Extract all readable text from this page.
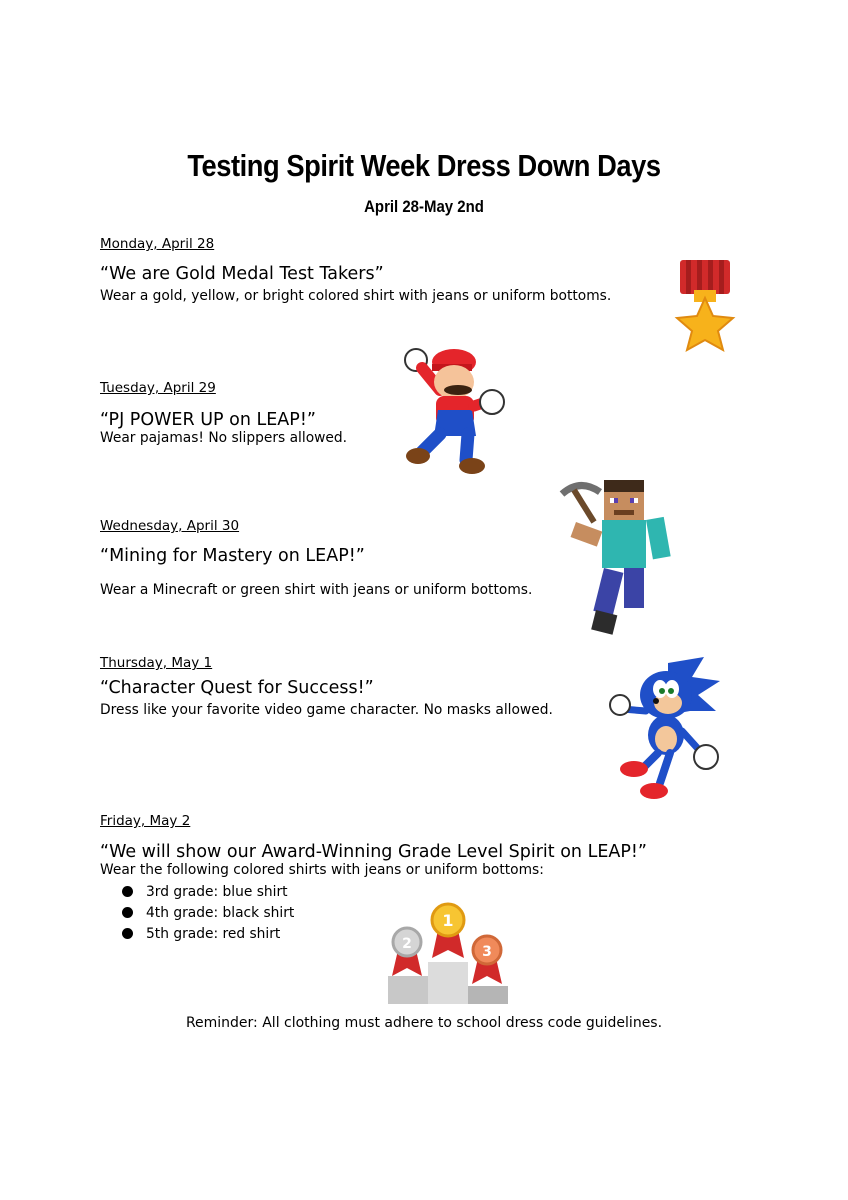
Testing Spirit Week Dress Down Days
April 28-May 2nd
Monday, April 28
“We are Gold Medal Test Takers”
Wear a gold, yellow, or bright colored shirt with jeans or uniform bottoms.
Tuesday, April 29
“PJ POWER UP on LEAP!”
Wear pajamas! No slippers allowed.
Wednesday, April 30
“Mining for Mastery on LEAP!”
Wear a Minecraft or green shirt with jeans or uniform bottoms.
Thursday, May 1
“Character Quest for Success!”
Dress like your favorite video game character. No masks allowed.
Friday, May 2
“We will show our Award-Winning Grade Level Spirit on LEAP!”
Wear the following colored shirts with jeans or uniform bottoms:
3rd grade: blue shirt
4th grade: black shirt
5th grade: red shirt
1
2	3
Reminder: All clothing must adhere to school dress code guidelines.
